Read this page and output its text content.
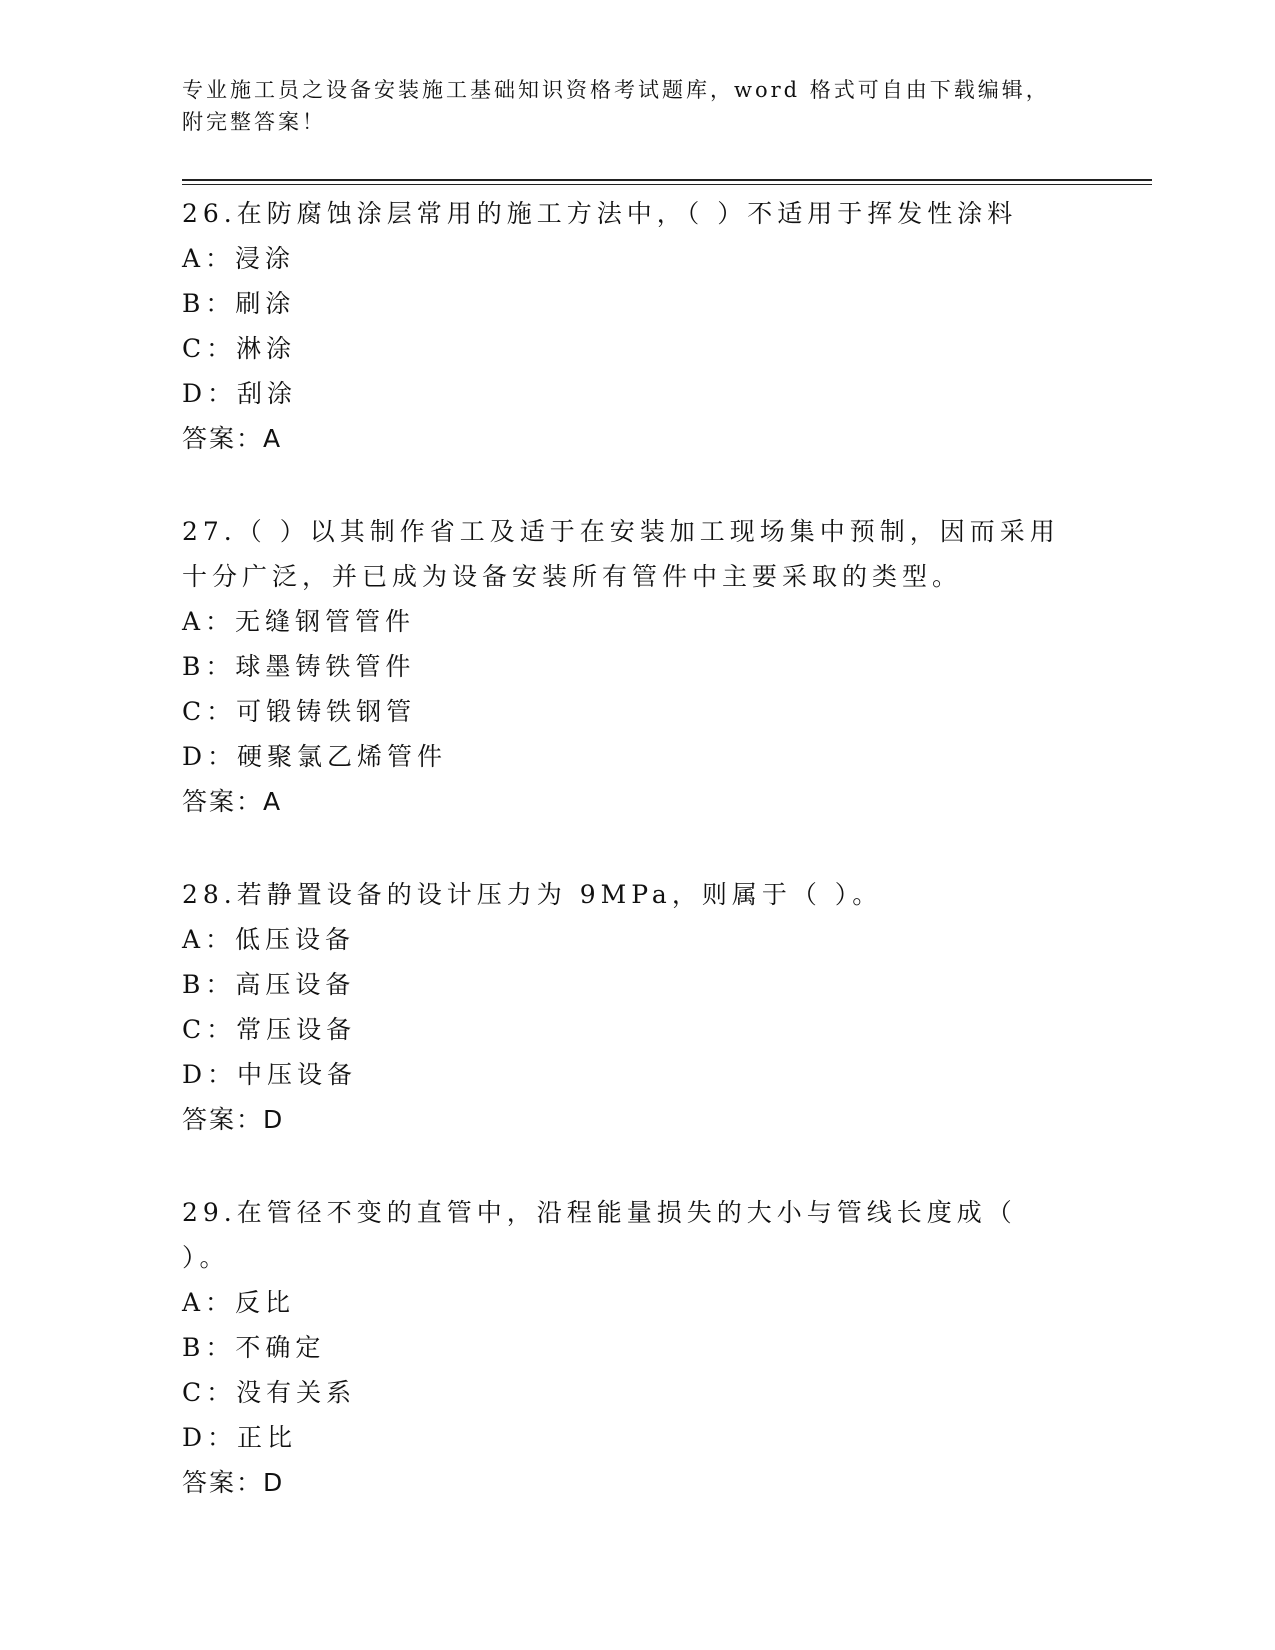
专业施工员之设备安装施工基础知识资格考试题库，word 格式可自由下载编辑，
附完整答案！

26.在防腐蚀涂层常用的施工方法中，（ ）不适用于挥发性涂料

A：浸涂

B：刷涂

C：淋涂

D：刮涂

答案：A

27.（ ）以其制作省工及适于在安装加工现场集中预制，因而采用十分广泛，并已成为设备安装所有管件中主要采取的类型。

A：无缝钢管管件

B：球墨铸铁管件

C：可锻铸铁钢管

D：硬聚氯乙烯管件

答案：A

28.若静置设备的设计压力为 9MPa，则属于（ ）。

A：低压设备

B：高压设备

C：常压设备

D：中压设备

答案：D

29.在管径不变的直管中，沿程能量损失的大小与管线长度成（ ）。

A：反比

B：不确定

C：没有关系

D：正比

答案：D
